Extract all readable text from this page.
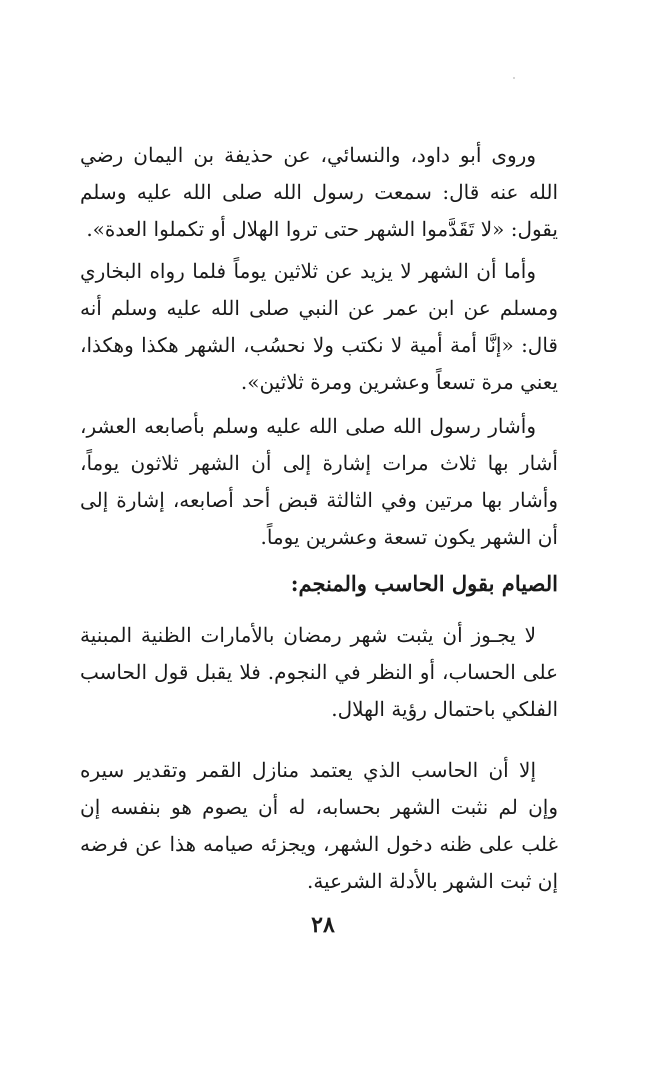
وروى أبو داود، والنسائي، عن حذيفة بن اليمان رضي الله عنه قال: سمعت رسول الله صلى الله عليه وسلم يقول: «لا تَقَدَّموا الشهر حتى تروا الهلال أو تكملوا العدة».

وأما أن الشهر لا يزيد عن ثلاثين يوماً فلما رواه البخاري ومسلم عن ابن عمر عن النبي صلى الله عليه وسلم أنه قال: «إنَّا أمة أمية لا نكتب ولا نحسُب، الشهر هكذا وهكذا، يعني مرة تسعاً وعشرين ومرة ثلاثين».

وأشار رسول الله صلى الله عليه وسلم بأصابعه العشر، أشار بها ثلاث مرات إشارة إلى أن الشهر ثلاثون يوماً، وأشار بها مرتين وفي الثالثة قبض أحد أصابعه، إشارة إلى أن الشهر يكون تسعة وعشرين يوماً.

الصيام بقول الحاسب والمنجم:

لا يجـوز أن يثبت شهر رمضان بالأمارات الظنية المبنية على الحساب، أو النظر في النجوم. فلا يقبل قول الحاسب الفلكي باحتمال رؤية الهلال.

إلا أن الحاسب الذي يعتمد منازل القمر وتقدير سيره وإن لم نثبت الشهر بحسابه، له أن يصوم هو بنفسه إن غلب على ظنه دخول الشهر، ويجزئه صيامه هذا عن فرضه إن ثبت الشهر بالأدلة الشرعية.

٢٨
